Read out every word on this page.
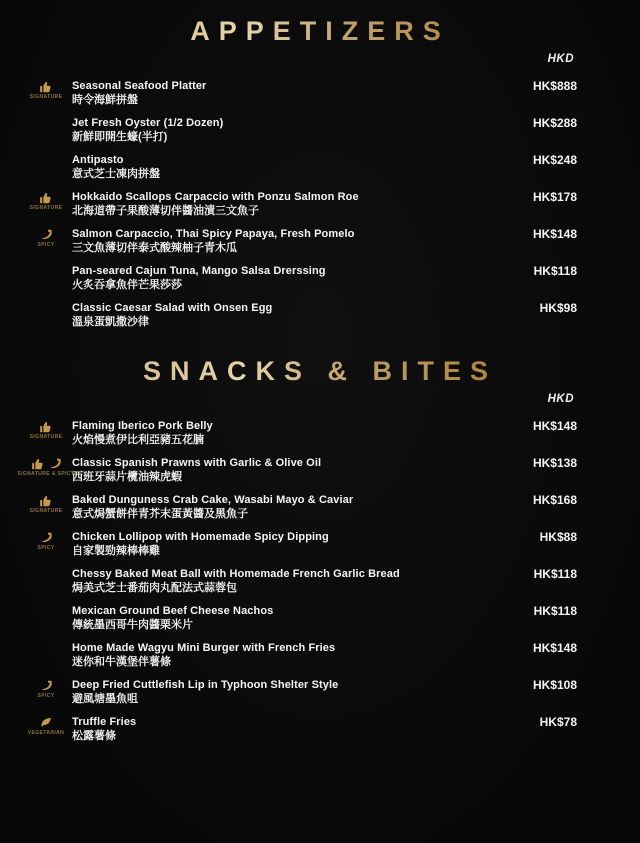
APPETIZERS
HKD
SIGNATURE
Seasonal Seafood Platter
時令海鮮拼盤
HK$888
Jet Fresh Oyster (1/2 Dozen)
新鮮即開生蠔(半打)
HK$288
Antipasto
意式芝士凍肉拼盤
HK$248
SIGNATURE
Hokkaido Scallops Carpaccio with Ponzu Salmon Roe
北海道帶子果酸薄切伴醬油漬三文魚子
HK$178
SPICY
Salmon Carpaccio, Thai Spicy Papaya, Fresh Pomelo
三文魚薄切伴泰式酸辣柚子青木瓜
HK$148
Pan-seared Cajun Tuna, Mango Salsa Drerssing
火炙吞拿魚伴芒果莎莎
HK$118
Classic Caesar Salad with Onsen Egg
溫泉蛋凱撒沙律
HK$98
SNACKS & BITES
HKD
SIGNATURE
Flaming Iberico Pork Belly
火焰慢煮伊比利亞豬五花腩
HK$148
SIGNATURE & SPICY
Classic Spanish Prawns with Garlic & Olive Oil
西班牙蒜片欖油辣虎蝦
HK$138
SIGNATURE
Baked Dunguness Crab Cake, Wasabi Mayo & Caviar
意式焗蟹餅伴青芥末蛋黃醬及黑魚子
HK$168
SPICY
Chicken Lollipop with Homemade Spicy Dipping
自家製勁辣棒棒雞
HK$88
Chessy Baked Meat Ball with Homemade French Garlic Bread
焗美式芝士番茄肉丸配法式蒜蓉包
HK$118
Mexican Ground Beef Cheese Nachos
傳統墨西哥牛肉醬栗米片
HK$118
Home Made Wagyu Mini Burger with French Fries
迷你和牛漢堡伴薯條
HK$148
SPICY
Deep Fried Cuttlefish Lip in Typhoon Shelter Style
避風塘墨魚咀
HK$108
VEGETARIAN
Truffle Fries
松露薯條
HK$78
